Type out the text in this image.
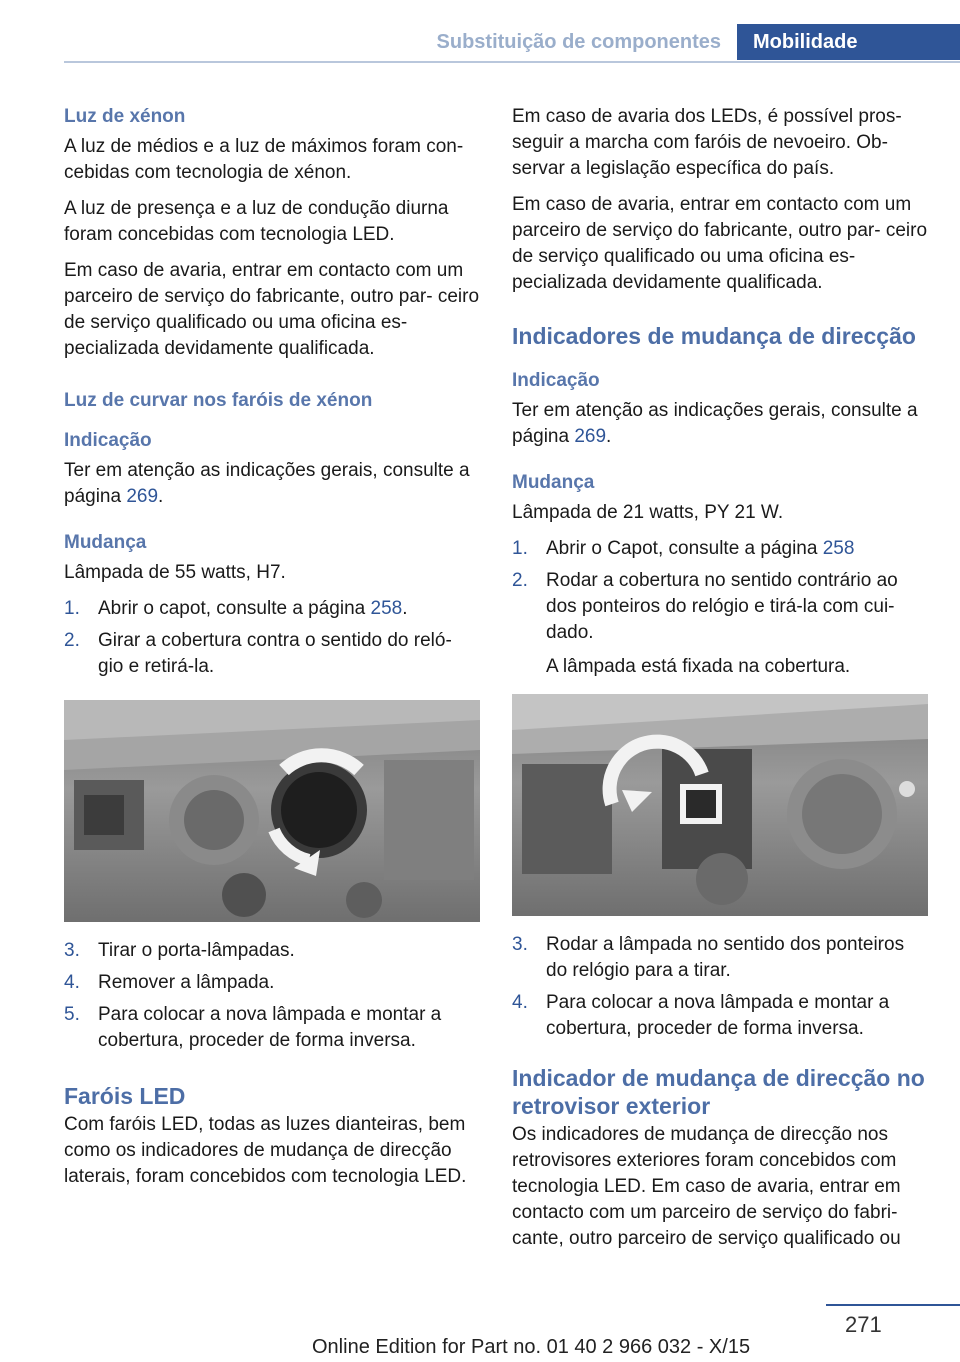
Substituição de componentes	Mobilidade
Luz de xénon

A luz de médios e a luz de máximos foram con‐ cebidas com tecnologia de xénon.

A luz de presença e a luz de condução diurna foram concebidas com tecnologia LED.

Em caso de avaria, entrar em contacto com um parceiro de serviço do fabricante, outro par‐ ceiro de serviço qualificado ou uma oficina es‐ pecializada devidamente qualificada.

Luz de curvar nos faróis de xénon
Indicação

Ter em atenção as indicações gerais, consulte a página 269.

Mudança

Lâmpada de 55 watts, H7.

1. Abrir o capot, consulte a página 258.
2. Girar a cobertura contra o sentido do reló‐ gio e retirá-la.
3. Tirar o porta-lâmpadas.
4. Remover a lâmpada.
5. Para colocar a nova lâmpada e montar a cobertura, proceder de forma inversa.
Faróis LED

Com faróis LED, todas as luzes dianteiras, bem como os indicadores de mudança de direcção laterais, foram concebidos com tecnologia LED.

Em caso de avaria dos LEDs, é possível pros‐ seguir a marcha com faróis de nevoeiro. Ob‐ servar a legislação específica do país.

Em caso de avaria, entrar em contacto com um parceiro de serviço do fabricante, outro par‐ ceiro de serviço qualificado ou uma oficina es‐ pecializada devidamente qualificada.

Indicadores de mudança de direcção
Indicação

Ter em atenção as indicações gerais, consulte a página 269.

Mudança

Lâmpada de 21 watts, PY 21 W.

1. Abrir o Capot, consulte a página 258
2. Rodar a cobertura no sentido contrário ao dos ponteiros do relógio e tirá-la com cui‐ dado.
A lâmpada está fixada na cobertura.
3. Rodar a lâmpada no sentido dos ponteiros do relógio para a tirar.
4. Para colocar a nova lâmpada e montar a cobertura, proceder de forma inversa.
Indicador de mudança de direcção no retrovisor exterior

Os indicadores de mudança de direcção nos retrovisores exteriores foram concebidos com tecnologia LED. Em caso de avaria, entrar em contacto com um parceiro de serviço do fabri‐ cante, outro parceiro de serviço qualificado ou

271
Online Edition for Part no. 01 40 2 966 032 - X/15
